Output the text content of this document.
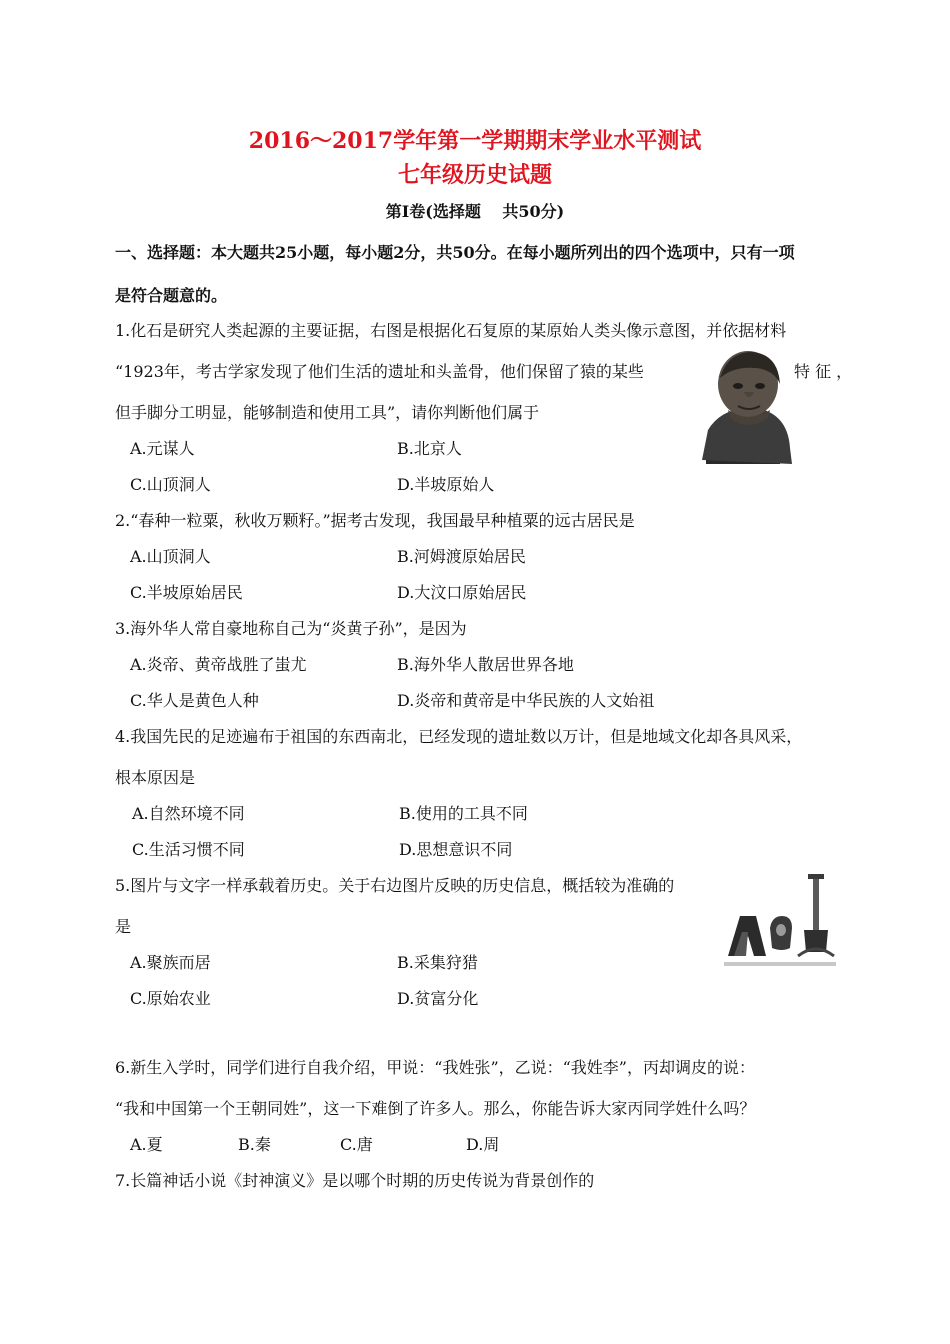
2016～2017学年第一学期期末学业水平测试
七年级历史试题
第Ⅰ卷(选择题　 共50分)
一、选择题：本大题共25小题，每小题2分，共50分。在每小题所列出的四个选项中，只有一项
是符合题意的。
1.化石是研究人类起源的主要证据，右图是根据化石复原的某原始人类头像示意图，并依据材料
“1923年，考古学家发现了他们生活的遗址和头盖骨，他们保留了猿的某些	特 征 ，
但手脚分工明显，能够制造和使用工具”，请你判断他们属于
A.元谋人	B.北京人
C.山顶洞人	D.半坡原始人
2.“春种一粒粟，秋收万颗籽。”据考古发现，我国最早种植粟的远古居民是
A.山顶洞人	B.河姆渡原始居民
C.半坡原始居民	D.大汶口原始居民
3.海外华人常自豪地称自己为“炎黄子孙”，是因为
A.炎帝、黄帝战胜了蚩尤	B.海外华人散居世界各地
C.华人是黄色人种	D.炎帝和黄帝是中华民族的人文始祖
4.我国先民的足迹遍布于祖国的东西南北，已经发现的遗址数以万计，但是地域文化却各具风采，
根本原因是
A.自然环境不同	B.使用的工具不同
C.生活习惯不同	D.思想意识不同
5.图片与文字一样承载着历史。关于右边图片反映的历史信息，概括较为准确的
是
A.聚族而居	B.采集狩猎
C.原始农业	D.贫富分化
6.新生入学时，同学们进行自我介绍，甲说：“我姓张”，乙说：“我姓李”，丙却调皮的说：
“我和中国第一个王朝同姓”，这一下难倒了许多人。那么，你能告诉大家丙同学姓什么吗？
A.夏	B.秦	C.唐	D.周
7.长篇神话小说《封神演义》是以哪个时期的历史传说为背景创作的
